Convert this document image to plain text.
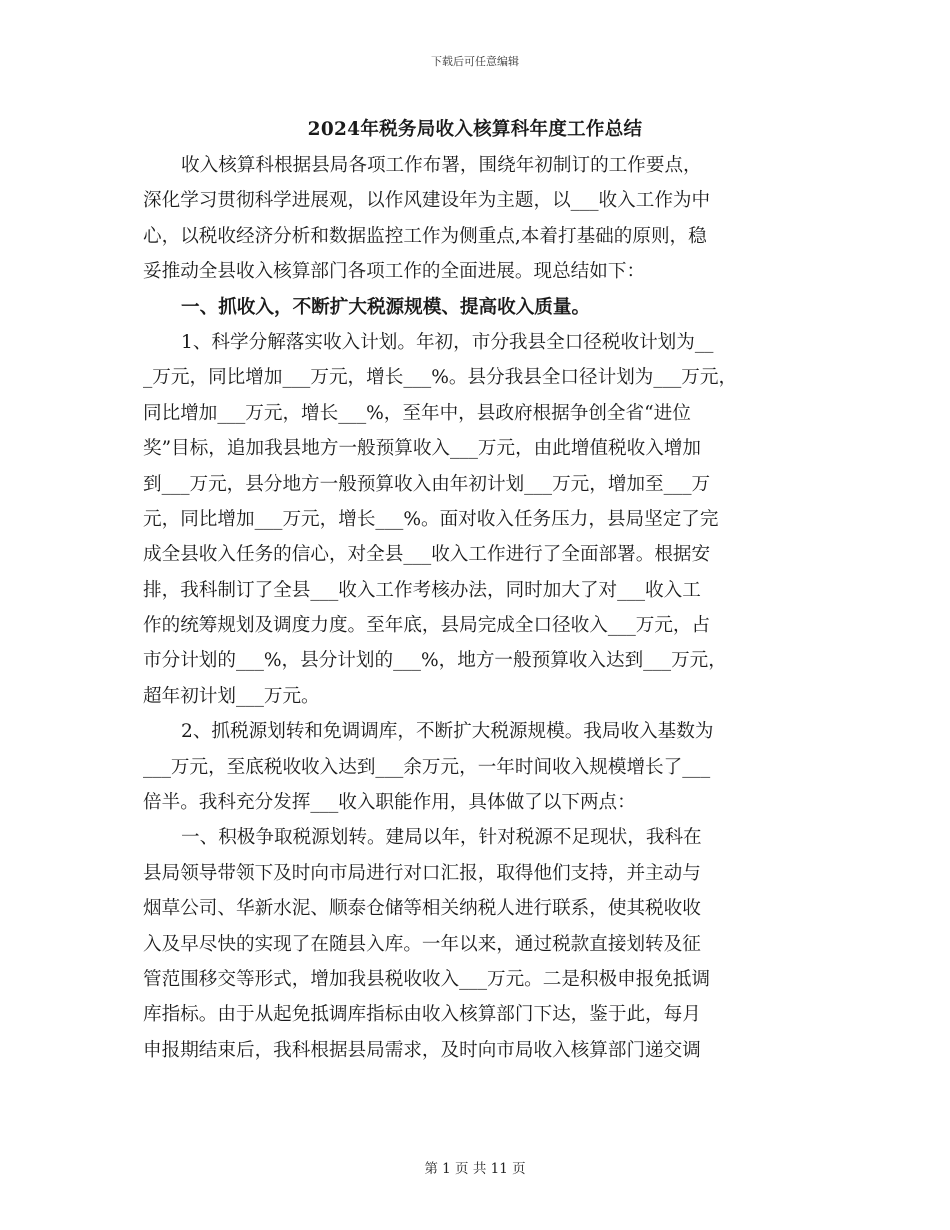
下载后可任意编辑
2024年税务局收入核算科年度工作总结
收入核算科根据县局各项工作布署，围绕年初制订的工作要点，
深化学习贯彻科学进展观，以作风建设年为主题，以___收入工作为中
心，以税收经济分析和数据监控工作为侧重点,本着打基础的原则，稳
妥推动全县收入核算部门各项工作的全面进展。现总结如下：
一、抓收入，不断扩大税源规模、提高收入质量。
1、科学分解落实收入计划。年初，市分我县全口径税收计划为__
_万元，同比增加___万元，增长___%。县分我县全口径计划为___万元，
同比增加___万元，增长___%，至年中，县政府根据争创全省“进位
奖”目标，追加我县地方一般预算收入___万元，由此增值税收入增加
到___万元，县分地方一般预算收入由年初计划___万元，增加至___万
元，同比增加___万元，增长___%。面对收入任务压力，县局坚定了完
成全县收入任务的信心，对全县___收入工作进行了全面部署。根据安
排，我科制订了全县___收入工作考核办法，同时加大了对___收入工
作的统筹规划及调度力度。至年底，县局完成全口径收入___万元，占
市分计划的___%，县分计划的___%，地方一般预算收入达到___万元，
超年初计划___万元。
2、抓税源划转和免调调库，不断扩大税源规模。我局收入基数为
___万元，至底税收收入达到___余万元，一年时间收入规模增长了___
倍半。我科充分发挥___收入职能作用，具体做了以下两点：
一、积极争取税源划转。建局以年，针对税源不足现状，我科在
县局领导带领下及时向市局进行对口汇报，取得他们支持，并主动与
烟草公司、华新水泥、顺泰仓储等相关纳税人进行联系，使其税收收
入及早尽快的实现了在随县入库。一年以来，通过税款直接划转及征
管范围移交等形式，增加我县税收收入___万元。二是积极申报免抵调
库指标。由于从起免抵调库指标由收入核算部门下达，鉴于此，每月
申报期结束后，我科根据县局需求，及时向市局收入核算部门递交调
第 1 页 共 11 页
